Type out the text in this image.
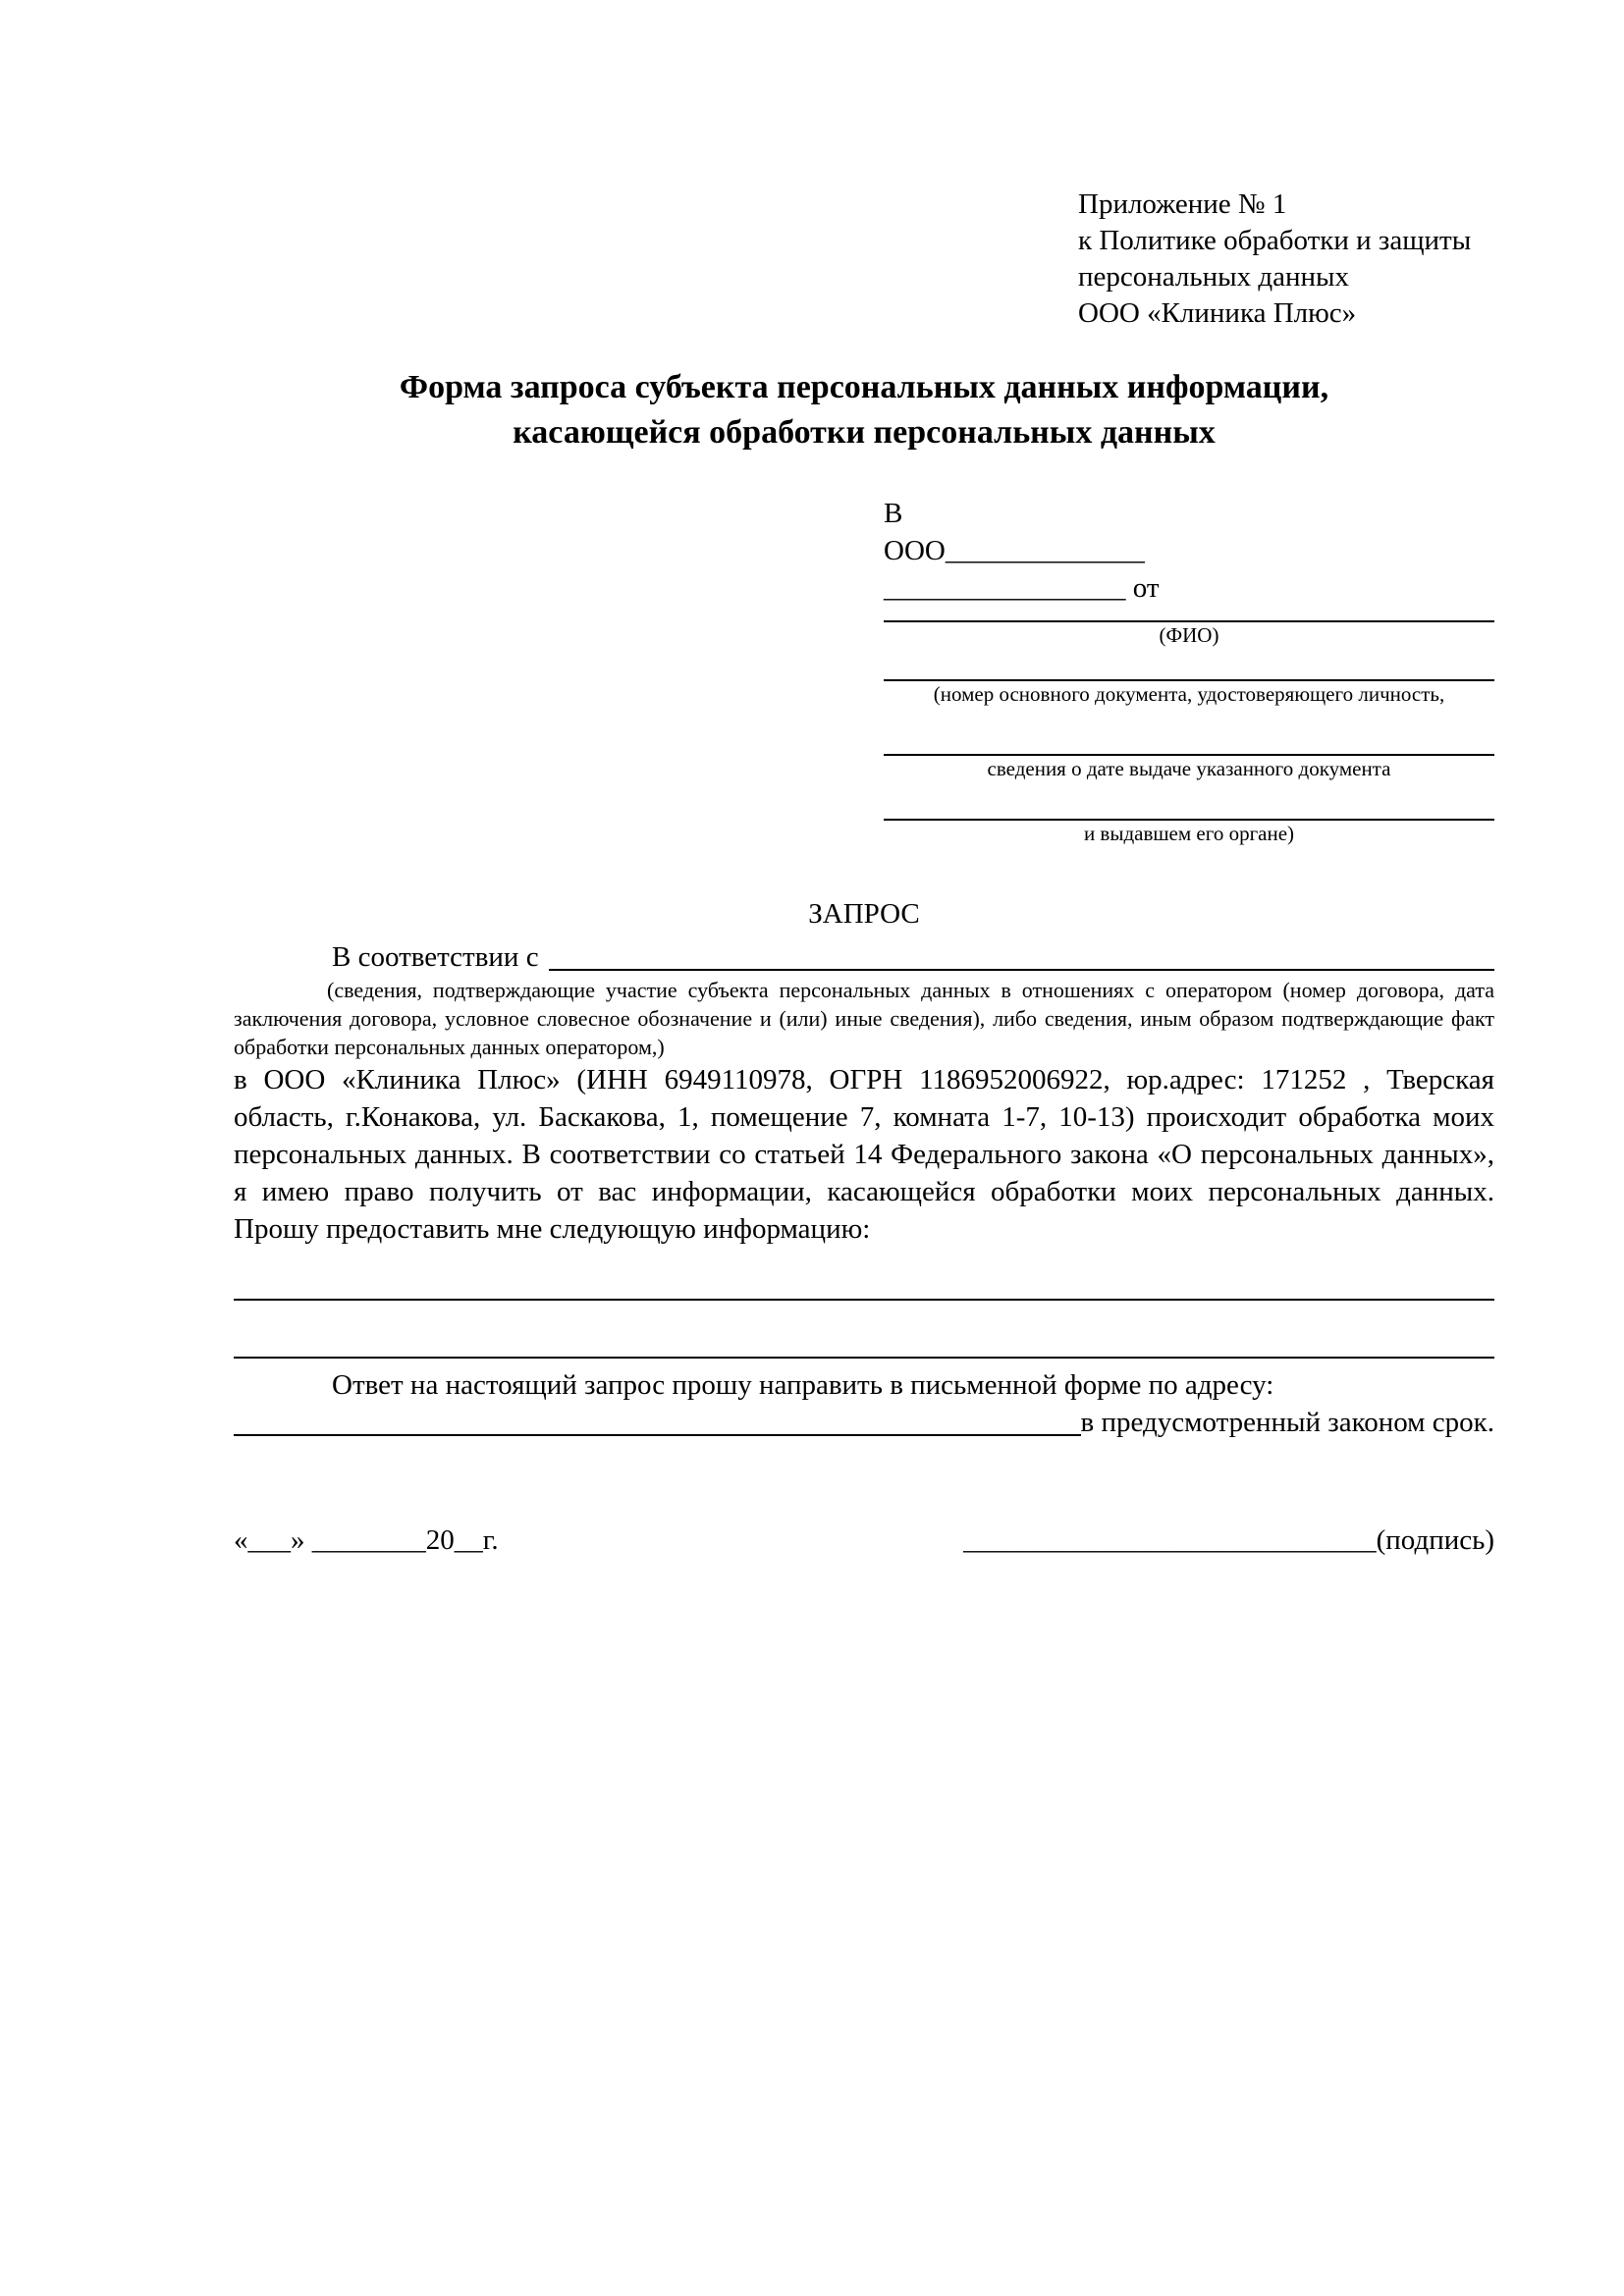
Приложение № 1
к Политике обработки и защиты
персональных данных
ООО «Клиника Плюс»
Форма запроса субъекта персональных данных информации,
касающейся обработки персональных данных
В
ООО______________
_________________ от
(ФИО)
(номер основного документа, удостоверяющего личность,
сведения о дате выдаче указанного документа
и выдавшем его органе)
ЗАПРОС
В соответствии с
(сведения, подтверждающие участие субъекта персональных данных в отношениях с оператором (номер договора, дата заключения договора, условное словесное обозначение и (или) иные сведения), либо сведения, иным образом подтверждающие факт обработки персональных данных оператором,)
в ООО «Клиника Плюс» (ИНН 6949110978, ОГРН 1186952006922, юр.адрес: 171252 , Тверская область, г.Конакова, ул. Баскакова, 1, помещение 7, комната 1-7, 10-13) происходит обработка моих персональных данных. В соответствии со статьей 14 Федерального закона «О персональных данных», я имею право получить от вас информации, касающейся обработки моих персональных данных. Прошу предоставить мне следующую информацию:
Ответ на настоящий запрос прошу направить в письменной форме по адресу:
в предусмотренный законом срок.
«___» ________20__г.	_____________________________(подпись)
